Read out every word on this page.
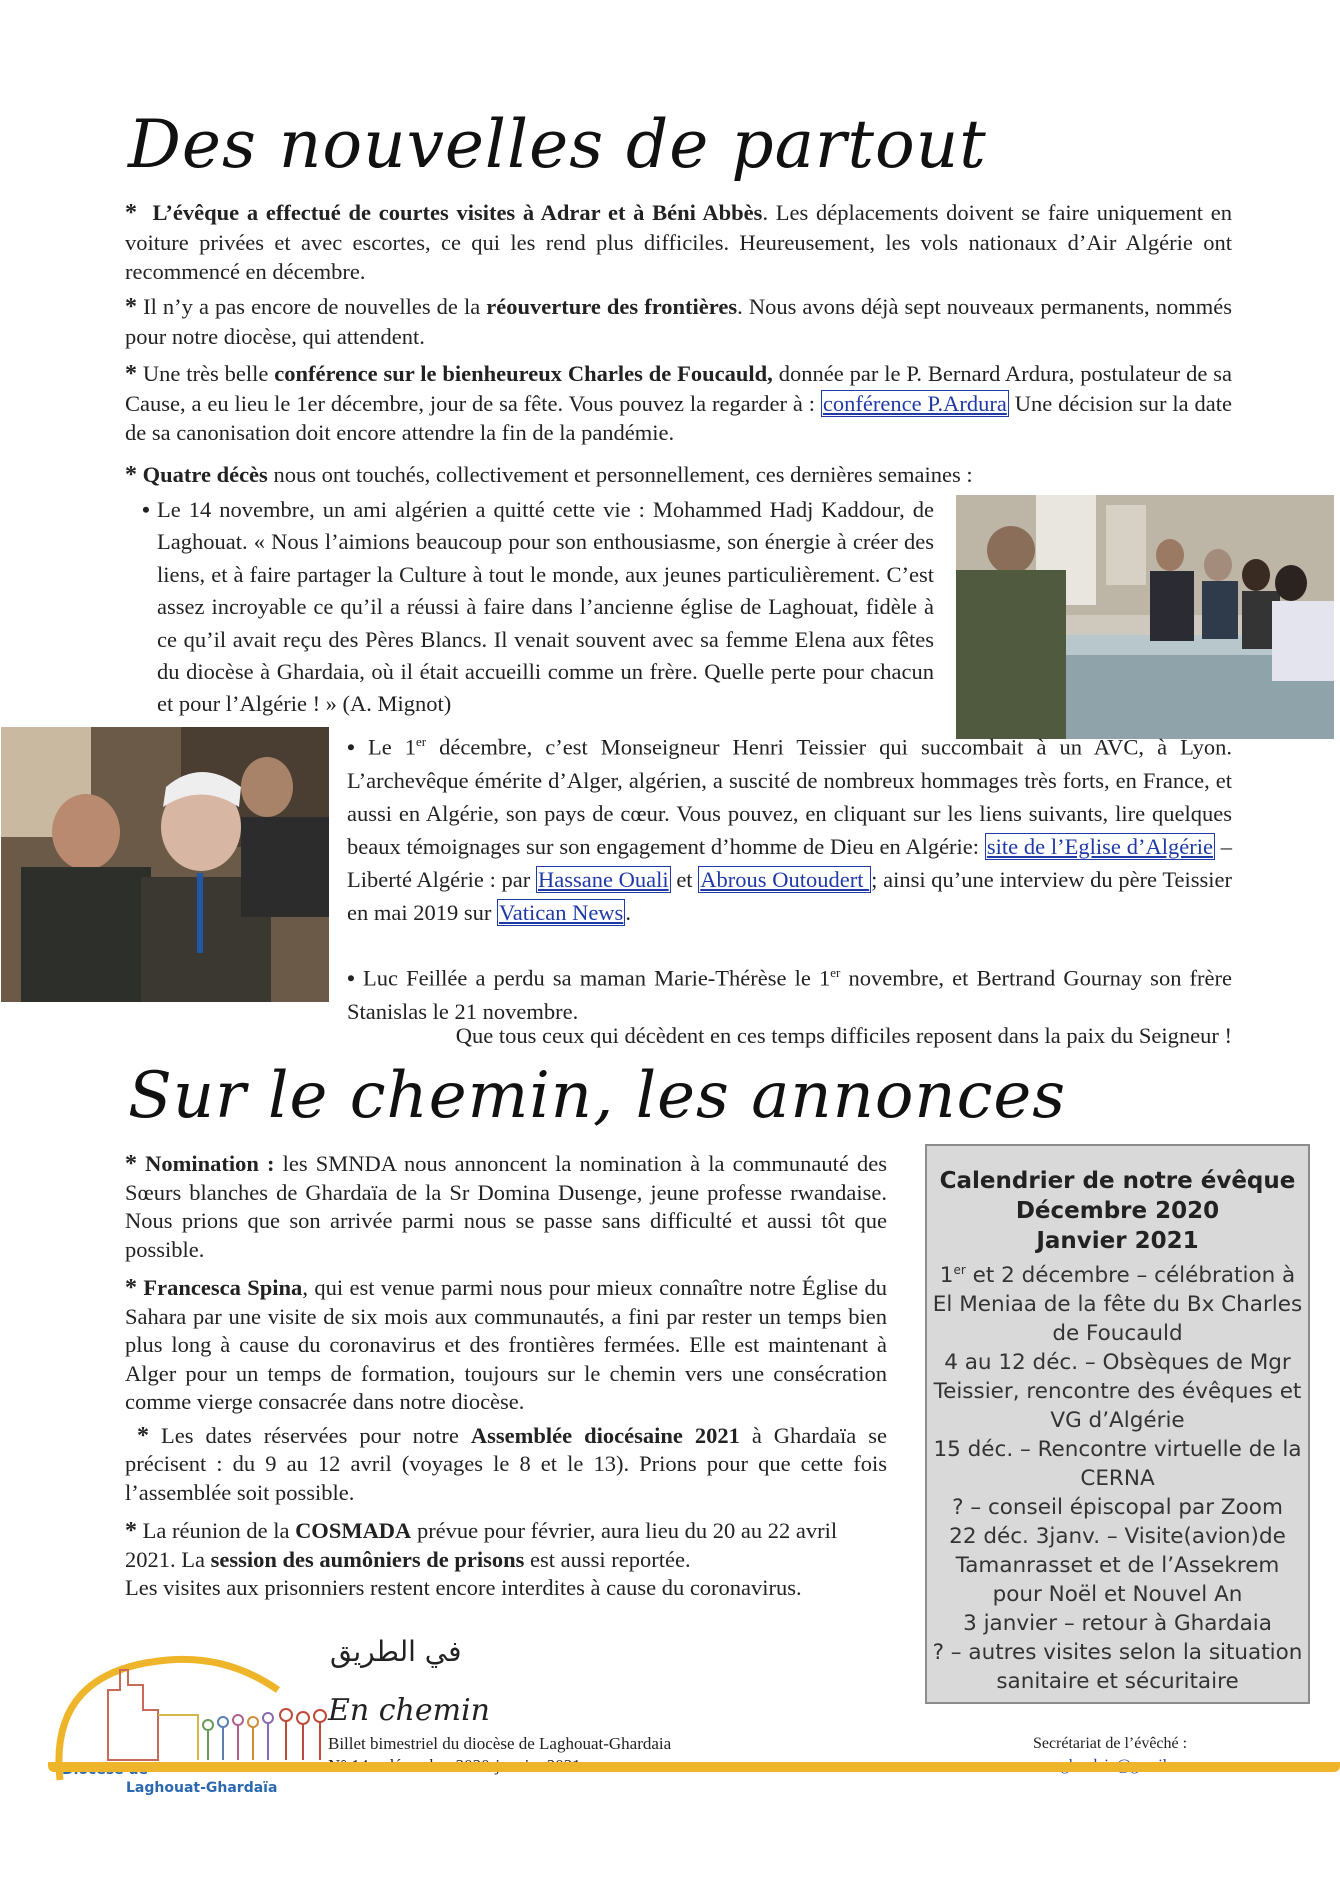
Des nouvelles de partout
* L’évêque a effectué de courtes visites à Adrar et à Béni Abbès. Les déplacements doivent se faire uniquement en voiture privées et avec escortes, ce qui les rend plus difficiles. Heureusement, les vols nationaux d’Air Algérie ont recommencé en décembre.
* Il n’y a pas encore de nouvelles de la réouverture des frontières. Nous avons déjà sept nouveaux permanents, nommés pour notre diocèse, qui attendent.
* Une très belle conférence sur le bienheureux Charles de Foucauld, donnée par le P. Bernard Ardura, postulateur de sa Cause, a eu lieu le 1er décembre, jour de sa fête. Vous pouvez la regarder à : conférence P.Ardura Une décision sur la date de sa canonisation doit encore attendre la fin de la pandémie.
* Quatre décès nous ont touchés, collectivement et personnellement, ces dernières semaines :
• Le 14 novembre, un ami algérien a quitté cette vie : Mohammed Hadj Kaddour, de Laghouat. « Nous l’aimions beaucoup pour son enthousiasme, son énergie à créer des liens, et à faire partager la Culture à tout le monde, aux jeunes particulièrement. C’est assez incroyable ce qu’il a réussi à faire dans l’ancienne église de Laghouat, fidèle à ce qu’il avait reçu des Pères Blancs. Il venait souvent avec sa femme Elena aux fêtes du diocèse à Ghardaia, où il était accueilli comme un frère. Quelle perte pour chacun et pour l’Algérie ! » (A. Mignot)
• Le 1er décembre, c’est Monseigneur Henri Teissier qui succombait à un AVC, à Lyon. L’archevêque émérite d’Alger, algérien, a suscité de nombreux hommages très forts, en France, et aussi en Algérie, son pays de cœur. Vous pouvez, en cliquant sur les liens suivants, lire quelques beaux témoignages sur son engagement d’homme de Dieu en Algérie: site de l’Eglise d’Algérie – Liberté Algérie : par Hassane Ouali et Abrous Outoudert ; ainsi qu’une interview du père Teissier en mai 2019 sur Vatican News.
• Luc Feillée a perdu sa maman Marie-Thérèse le 1er novembre, et Bertrand Gournay son frère Stanislas le 21 novembre.
Que tous ceux qui décèdent en ces temps difficiles reposent dans la paix du Seigneur !
Sur le chemin, les annonces
* Nomination : les SMNDA nous annoncent la nomination à la communauté des Sœurs blanches de Ghardaïa de la Sr Domina Dusenge, jeune professe rwandaise. Nous prions que son arrivée parmi nous se passe sans difficulté et aussi tôt que possible.
* Francesca Spina, qui est venue parmi nous pour mieux connaître notre Église du Sahara par une visite de six mois aux communautés, a fini par rester un temps bien plus long à cause du coronavirus et des frontières fermées. Elle est maintenant à Alger pour un temps de formation, toujours sur le chemin vers une consécration comme vierge consacrée dans notre diocèse.
* Les dates réservées pour notre Assemblée diocésaine 2021 à Ghardaïa se précisent : du 9 au 12 avril (voyages le 8 et le 13). Prions pour que cette fois l’assemblée soit possible.
* La réunion de la COSMADA prévue pour février, aura lieu du 20 au 22 avril 2021. La session des aumôniers de prisons est aussi reportée.
Les visites aux prisonniers restent encore interdites à cause du coronavirus.
Calendrier de notre évêque
Décembre 2020
Janvier 2021
1er et 2 décembre – célébration à El Meniaa de la fête du Bx Charles de Foucauld
4 au 12 déc. – Obsèques de Mgr Teissier, rencontre des évêques et VG d’Algérie
15 déc. – Rencontre virtuelle de la CERNA
? – conseil épiscopal par Zoom
22 déc. 3janv. – Visite(avion)de Tamanrasset et de l’Assekrem pour Noël et Nouvel An
3 janvier – retour à Ghardaia
? – autres visites selon la situation sanitaire et sécuritaire
Laghouat-Ghardaïa
في الطريق
En chemin
Billet bimestriel du diocèse de Laghouat-Ghardaia	Secrétariat de l’évêché :
